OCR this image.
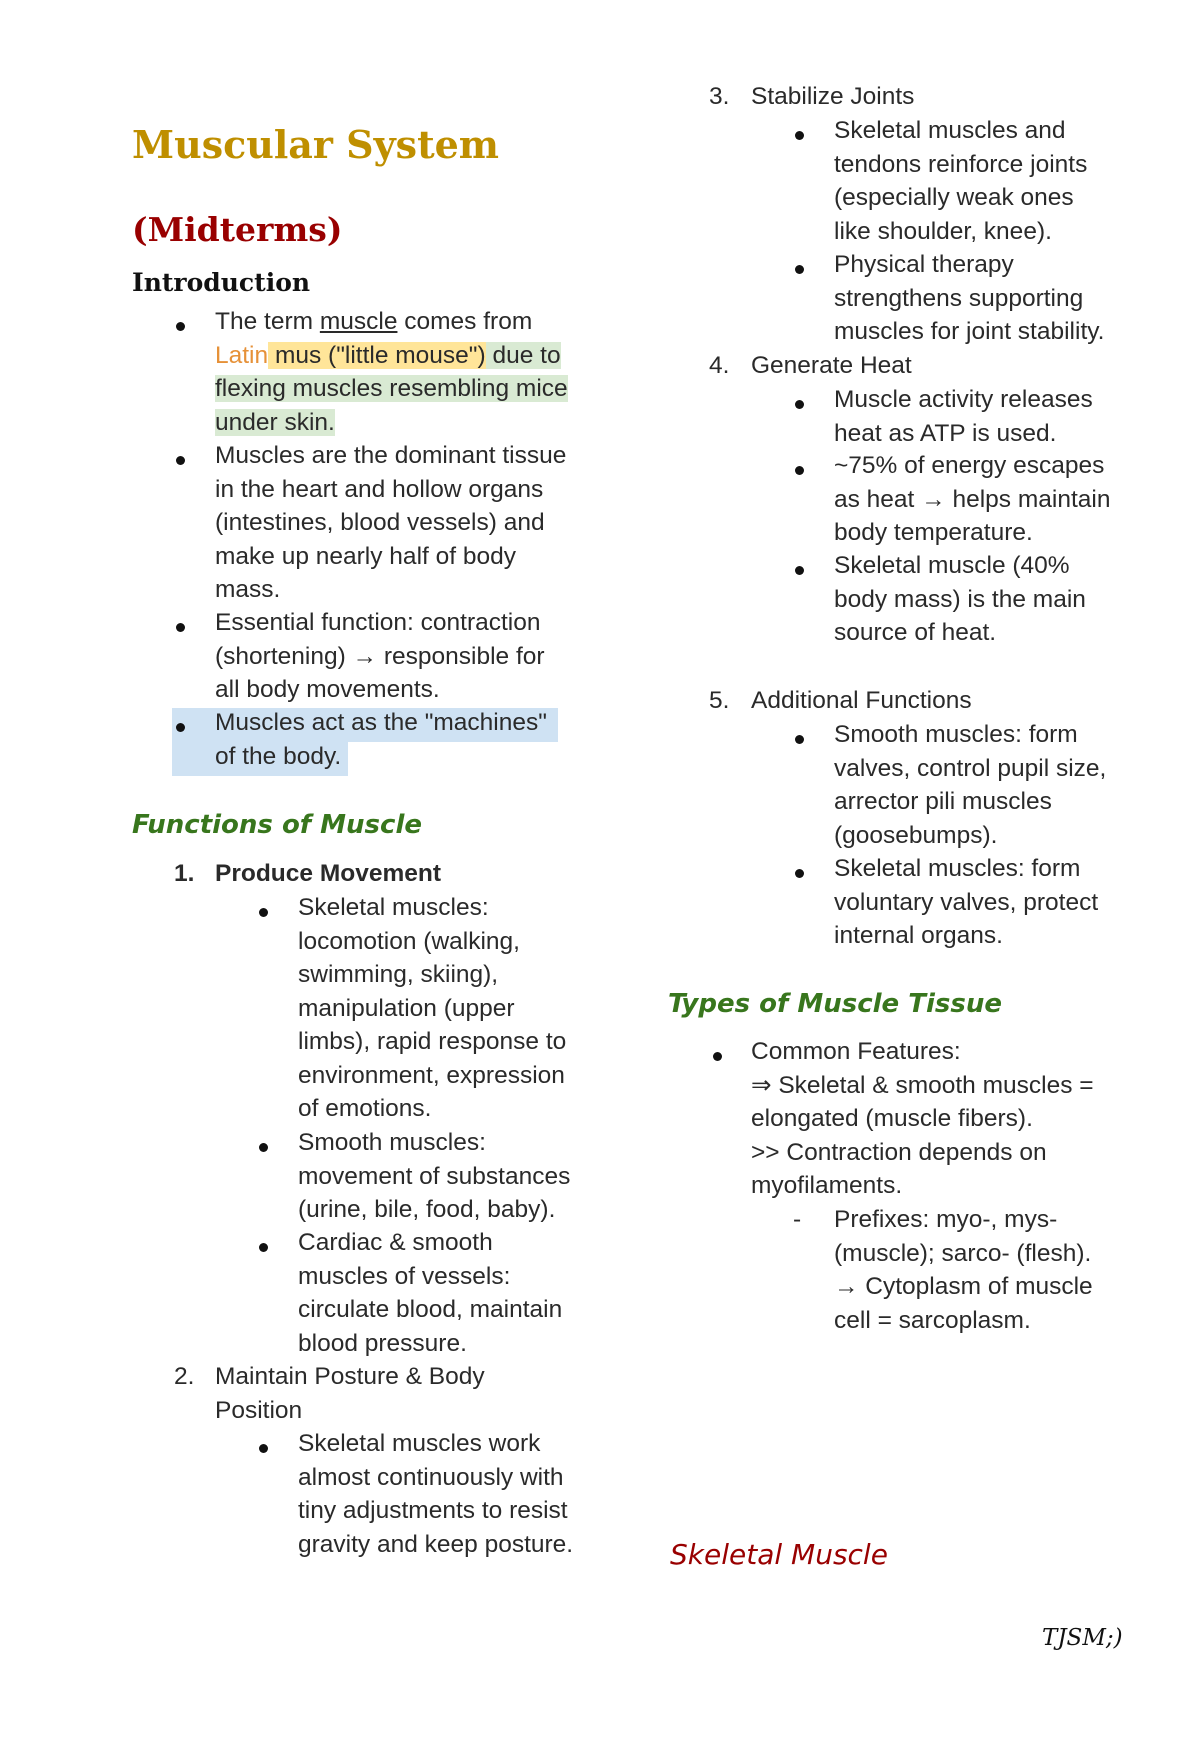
Muscular System
(Midterms)
Introduction
The term muscle comes from
Latin mus ("little mouse") due to
flexing muscles resembling mice
under skin.
Muscles are the dominant tissue
in the heart and hollow organs
(intestines, blood vessels) and
make up nearly half of body
mass.
Essential function: contraction
(shortening) → responsible for
all body movements.
Muscles act as the "machines"
of the body.
Functions of Muscle
1. Produce Movement
Skeletal muscles:
locomotion (walking,
swimming, skiing),
manipulation (upper
limbs), rapid response to
environment, expression
of emotions.
Smooth muscles:
movement of substances
(urine, bile, food, baby).
Cardiac & smooth
muscles of vessels:
circulate blood, maintain
blood pressure.
2. Maintain Posture & Body
Position
Skeletal muscles work
almost continuously with
tiny adjustments to resist
gravity and keep posture.
3. Stabilize Joints
Skeletal muscles and
tendons reinforce joints
(especially weak ones
like shoulder, knee).
Physical therapy
strengthens supporting
muscles for joint stability.
4. Generate Heat
Muscle activity releases
heat as ATP is used.
~75% of energy escapes
as heat → helps maintain
body temperature.
Skeletal muscle (40%
body mass) is the main
source of heat.
5. Additional Functions
Smooth muscles: form
valves, control pupil size,
arrector pili muscles
(goosebumps).
Skeletal muscles: form
voluntary valves, protect
internal organs.
Types of Muscle Tissue
Common Features:
⇒ Skeletal & smooth muscles =
elongated (muscle fibers).
>> Contraction depends on
myofilaments.
- Prefixes: myo-, mys-
(muscle); sarco- (flesh).
→ Cytoplasm of muscle
cell = sarcoplasm.
Skeletal Muscle
TJSM;)
